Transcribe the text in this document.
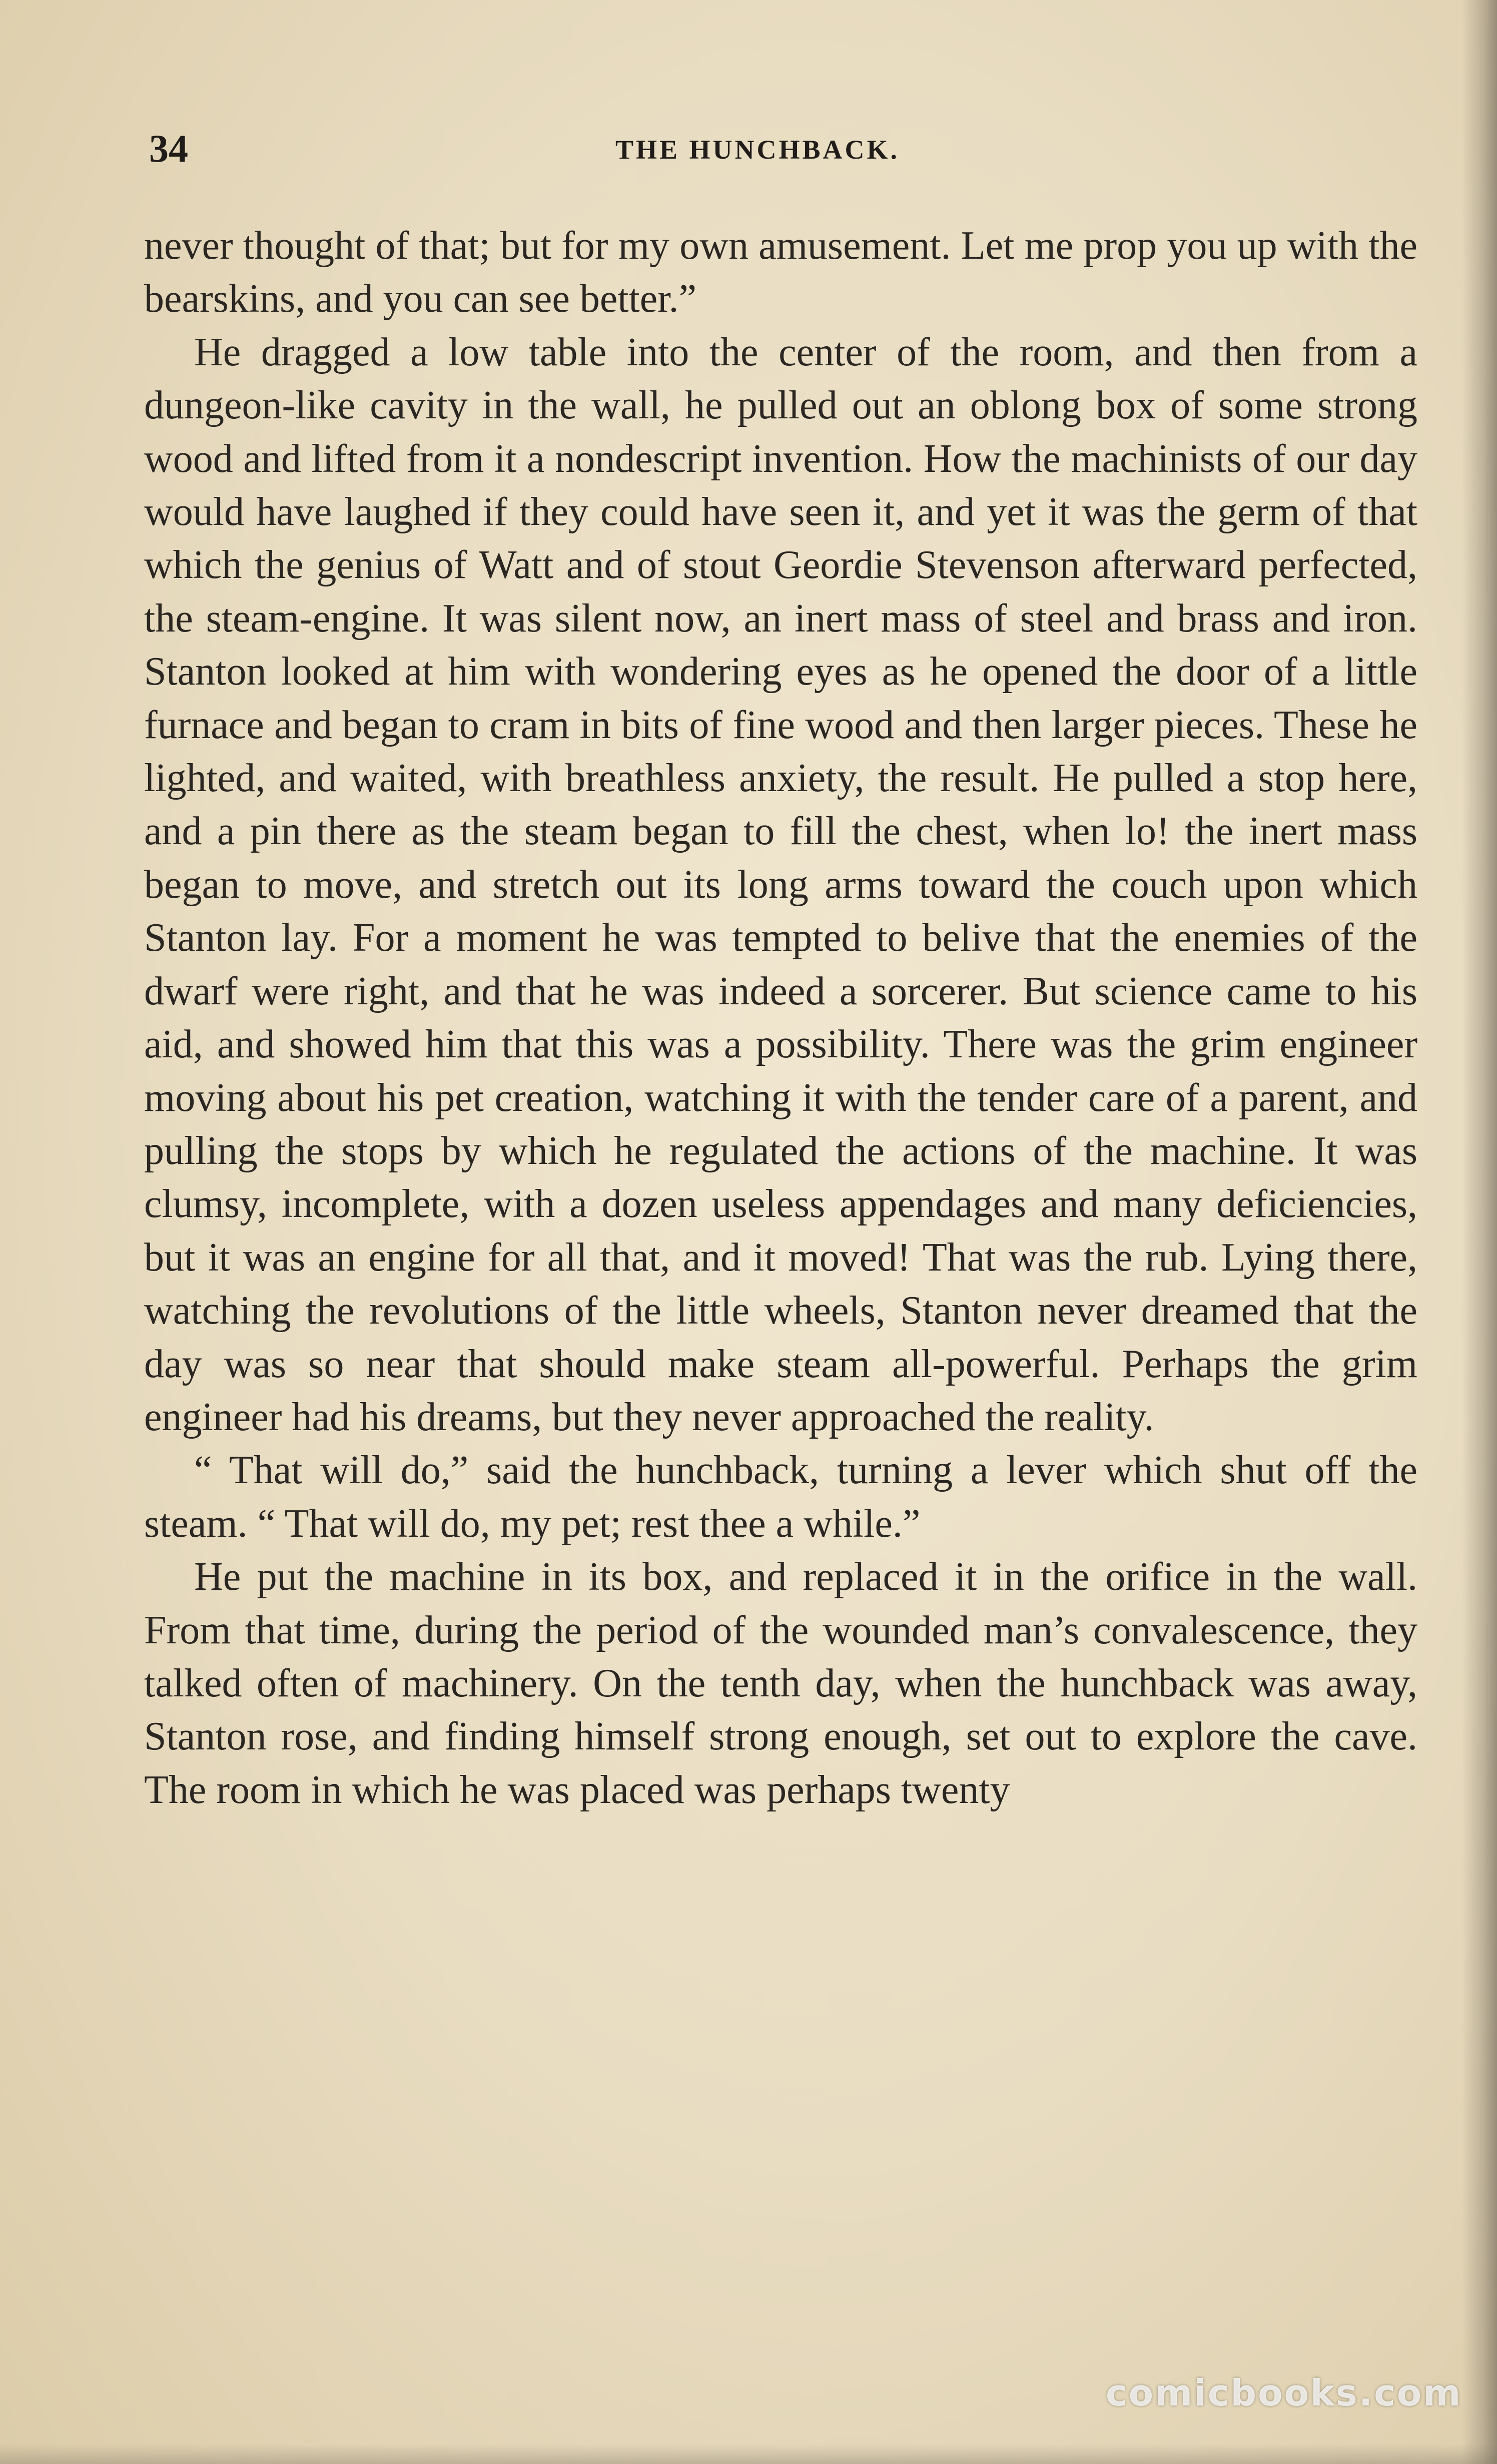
34	THE HUNCHBACK.

never thought of that; but for my own amusement. Let me prop you up with the bearskins, and you can see better.”

He dragged a low table into the center of the room, and then from a dungeon-like cavity in the wall, he pulled out an oblong box of some strong wood and lifted from it a nondescript invention. How the machinists of our day would have laughed if they could have seen it, and yet it was the germ of that which the genius of Watt and of stout Geordie Stevenson afterward perfected, the steam-engine. It was silent now, an inert mass of steel and brass and iron. Stanton looked at him with wondering eyes as he opened the door of a little furnace and began to cram in bits of fine wood and then larger pieces. These he lighted, and waited, with breathless anxiety, the result. He pulled a stop here, and a pin there as the steam began to fill the chest, when lo! the inert mass began to move, and stretch out its long arms toward the couch upon which Stanton lay. For a moment he was tempted to belive that the enemies of the dwarf were right, and that he was indeed a sorcerer. But science came to his aid, and showed him that this was a possibility. There was the grim engineer moving about his pet creation, watching it with the tender care of a parent, and pulling the stops by which he regulated the actions of the machine. It was clumsy, incomplete, with a dozen useless appendages and many deficiencies, but it was an engine for all that, and it moved! That was the rub. Lying there, watching the revolutions of the little wheels, Stanton never dreamed that the day was so near that should make steam all-powerful. Perhaps the grim engineer had his dreams, but they never approached the reality.

“ That will do,” said the hunchback, turning a lever which shut off the steam. “ That will do, my pet; rest thee a while.”

He put the machine in its box, and replaced it in the orifice in the wall. From that time, during the period of the wounded man’s convalescence, they talked often of machinery. On the tenth day, when the hunchback was away, Stanton rose, and finding himself strong enough, set out to explore the cave. The room in which he was placed was perhaps twenty

comicbooks.com
